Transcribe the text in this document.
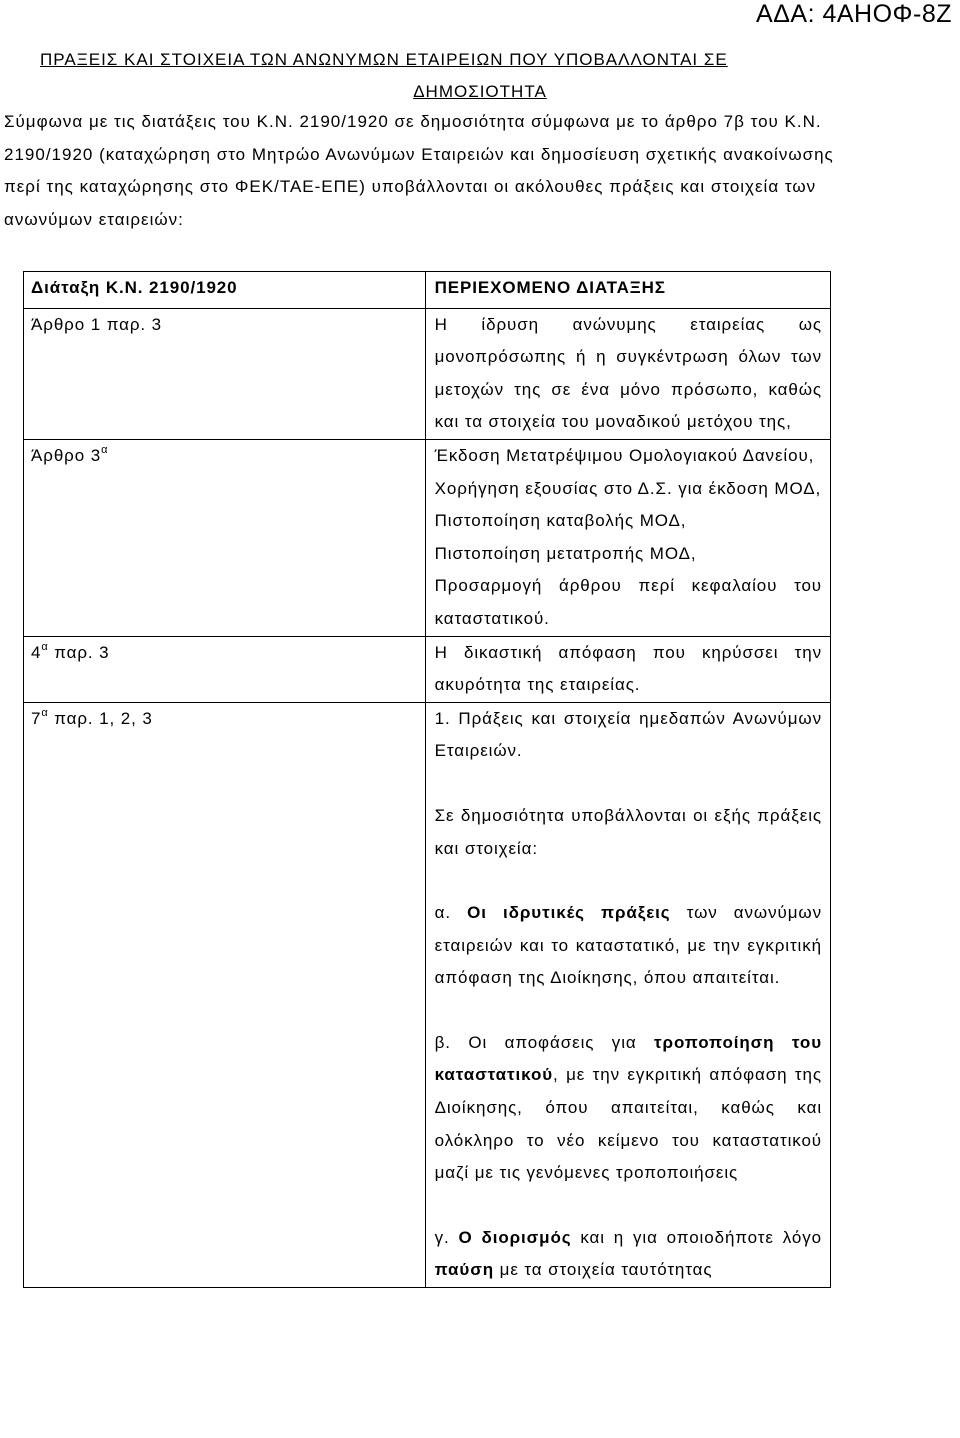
ΑΔΑ: 4ΑΗΟΦ-8Ζ
ΠΡΑΞΕΙΣ ΚΑΙ ΣΤΟΙΧΕΙΑ ΤΩΝ ΑΝΩΝΥΜΩΝ ΕΤΑΙΡΕΙΩΝ ΠΟΥ ΥΠΟΒΑΛΛΟΝΤΑΙ ΣΕ
ΔΗΜΟΣΙΟΤΗΤΑ
Σύμφωνα με τις διατάξεις του Κ.Ν. 2190/1920 σε δημοσιότητα σύμφωνα με το άρθρο 7β του Κ.Ν. 2190/1920 (καταχώρηση στο Μητρώο Ανωνύμων Εταιρειών και δημοσίευση σχετικής ανακοίνωσης περί της καταχώρησης στο ΦΕΚ/ΤΑΕ-ΕΠΕ) υποβάλλονται οι ακόλουθες πράξεις και στοιχεία των ανωνύμων εταιρειών:
Διάταξη Κ.Ν. 2190/1920	ΠΕΡΙΕΧΟΜΕΝΟ ΔΙΑΤΑΞΗΣ
Άρθρο 1 παρ. 3	Η ίδρυση ανώνυμης εταιρείας ως μονοπρόσωπης ή η συγκέντρωση όλων των μετοχών της σε ένα μόνο πρόσωπο, καθώς και τα στοιχεία του μοναδικού μετόχου της,

Άρθρο $3^\alpha$	Έκδοση Μετατρέψιμου Ομολογιακού Δανείου,
Χορήγηση εξουσίας στο Δ.Σ. για έκδοση ΜΟΔ,
Πιστοποίηση καταβολής ΜΟΔ,
Πιστοποίηση μετατροπής ΜΟΔ,
Προσαρμογή άρθρου περί κεφαλαίου του καταστατικού.

$4^\alpha$ παρ. 3	Η δικαστική απόφαση που κηρύσσει την ακυρότητα της εταιρείας.

$7^\alpha$ παρ. 1, 2, 3	1. Πράξεις και στοιχεία ημεδαπών Ανωνύμων Εταιρειών.
Σε δημοσιότητα υποβάλλονται οι εξής πράξεις και στοιχεία:
α. Οι ιδρυτικές πράξεις των ανωνύμων εταιρειών και το καταστατικό, με την εγκριτική απόφαση της Διοίκησης, όπου απαιτείται.
β. Οι αποφάσεις για τροποποίηση του καταστατικού, με την εγκριτική απόφαση της Διοίκησης, όπου απαιτείται, καθώς και ολόκληρο το νέο κείμενο του καταστατικού μαζί με τις γενόμενες τροποποιήσεις
γ. Ο διορισμός και η για οποιοδήποτε λόγο παύση με τα στοιχεία ταυτότητας
